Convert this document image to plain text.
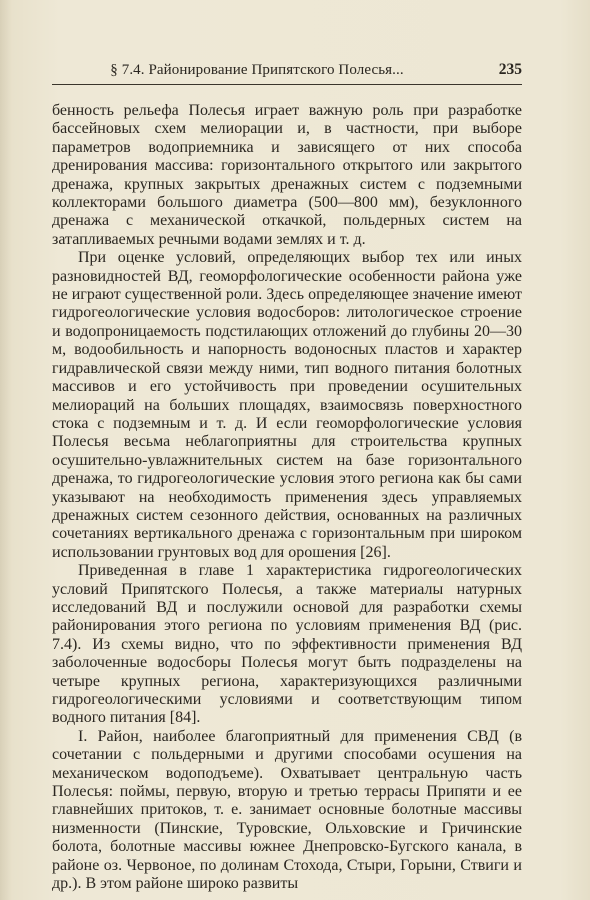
§ 7.4. Районирование Припятского Полесья...	235

бенность рельефа Полесья играет важную роль при разработке бассейновых схем мелиорации и, в частности, при выборе параметров водоприемника и зависящего от них способа дренирования массива: горизонтального открытого или закрытого дренажа, крупных закрытых дренажных систем с подземными коллекторами большого диаметра (500—800 мм), безуклонного дренажа с механической откачкой, польдерных систем на затапливаемых речными водами землях и т. д.

При оценке условий, определяющих выбор тех или иных разновидностей ВД, геоморфологические особенности района уже не играют существенной роли. Здесь определяющее значение имеют гидрогеологические условия водосборов: литологическое строение и водопроницаемость подстилающих отложений до глубины 20—30 м, водообильность и напорность водоносных пластов и характер гидравлической связи между ними, тип водного питания болотных массивов и его устойчивость при проведении осушительных мелиораций на больших площадях, взаимосвязь поверхностного стока с подземным и т. д. И если геоморфологические условия Полесья весьма неблагоприятны для строительства крупных осушительно-увлажнительных систем на базе горизонтального дренажа, то гидрогеологические условия этого региона как бы сами указывают на необходимость применения здесь управляемых дренажных систем сезонного действия, основанных на различных сочетаниях вертикального дренажа с горизонтальным при широком использовании грунтовых вод для орошения [26].

Приведенная в главе 1 характеристика гидрогеологических условий Припятского Полесья, а также материалы натурных исследований ВД и послужили основой для разработки схемы районирования этого региона по условиям применения ВД (рис. 7.4). Из схемы видно, что по эффективности применения ВД заболоченные водосборы Полесья могут быть подразделены на четыре крупных региона, характеризующихся различными гидрогеологическими условиями и соответствующим типом водного питания [84].

I. Район, наиболее благоприятный для применения СВД (в сочетании с польдерными и другими способами осушения на механическом водоподъеме). Охватывает центральную часть Полесья: поймы, первую, вторую и третью террасы Припяти и ее главнейших притоков, т. е. занимает основные болотные массивы низменности (Пинские, Туровские, Ольховские и Гричинские болота, болотные массивы южнее Днепровско-Бугского канала, в районе оз. Червоное, по долинам Стохода, Стыри, Горыни, Ствиги и др.). В этом районе широко развиты
